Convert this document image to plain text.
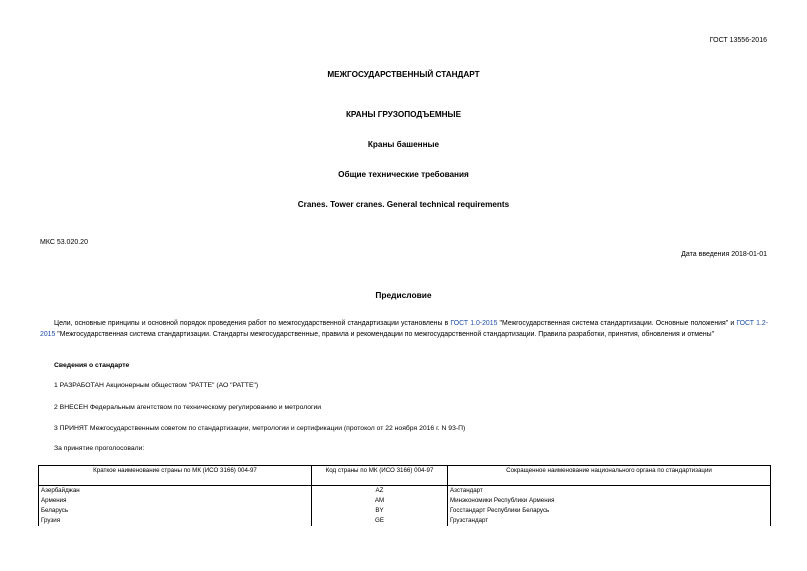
ГОСТ 13556-2016
МЕЖГОСУДАРСТВЕННЫЙ СТАНДАРТ
КРАНЫ ГРУЗОПОДЪЕМНЫЕ
Краны башенные
Общие технические требования
Cranes. Tower cranes. General technical requirements
МКС 53.020.20
Дата введения 2018-01-01
Предисловие
Цели, основные принципы и основной порядок проведения работ по межгосударственной стандартизации установлены в ГОСТ 1.0-2015 "Межгосударственная система стандартизации. Основные положения" и ГОСТ 1.2-2015 "Межгосударственная система стандартизации. Стандарты межгосударственные, правила и рекомендации по межгосударственной стандартизации. Правила разработки, принятия, обновления и отмены"
Сведения о стандарте
1 РАЗРАБОТАН Акционерным обществом "РАТТЕ" (АО "РАТТЕ")
2 ВНЕСЕН Федеральным агентством по техническому регулированию и метрологии
3 ПРИНЯТ Межгосударственным советом по стандартизации, метрологии и сертификации (протокол от 22 ноября 2016 г. N 93-П)
За принятие проголосовали:
Краткое наименование страны по МК (ИСО 3166) 004-97	Код страны по МК (ИСО 3166) 004-97	Сокращенное наименование национального органа по стандартизации
Азербайджан	AZ	Азстандарт
Армения	AM	Минэкономики Республики Армения
Беларусь	BY	Госстандарт Республики Беларусь
Грузия	GE	Грузстандарт
